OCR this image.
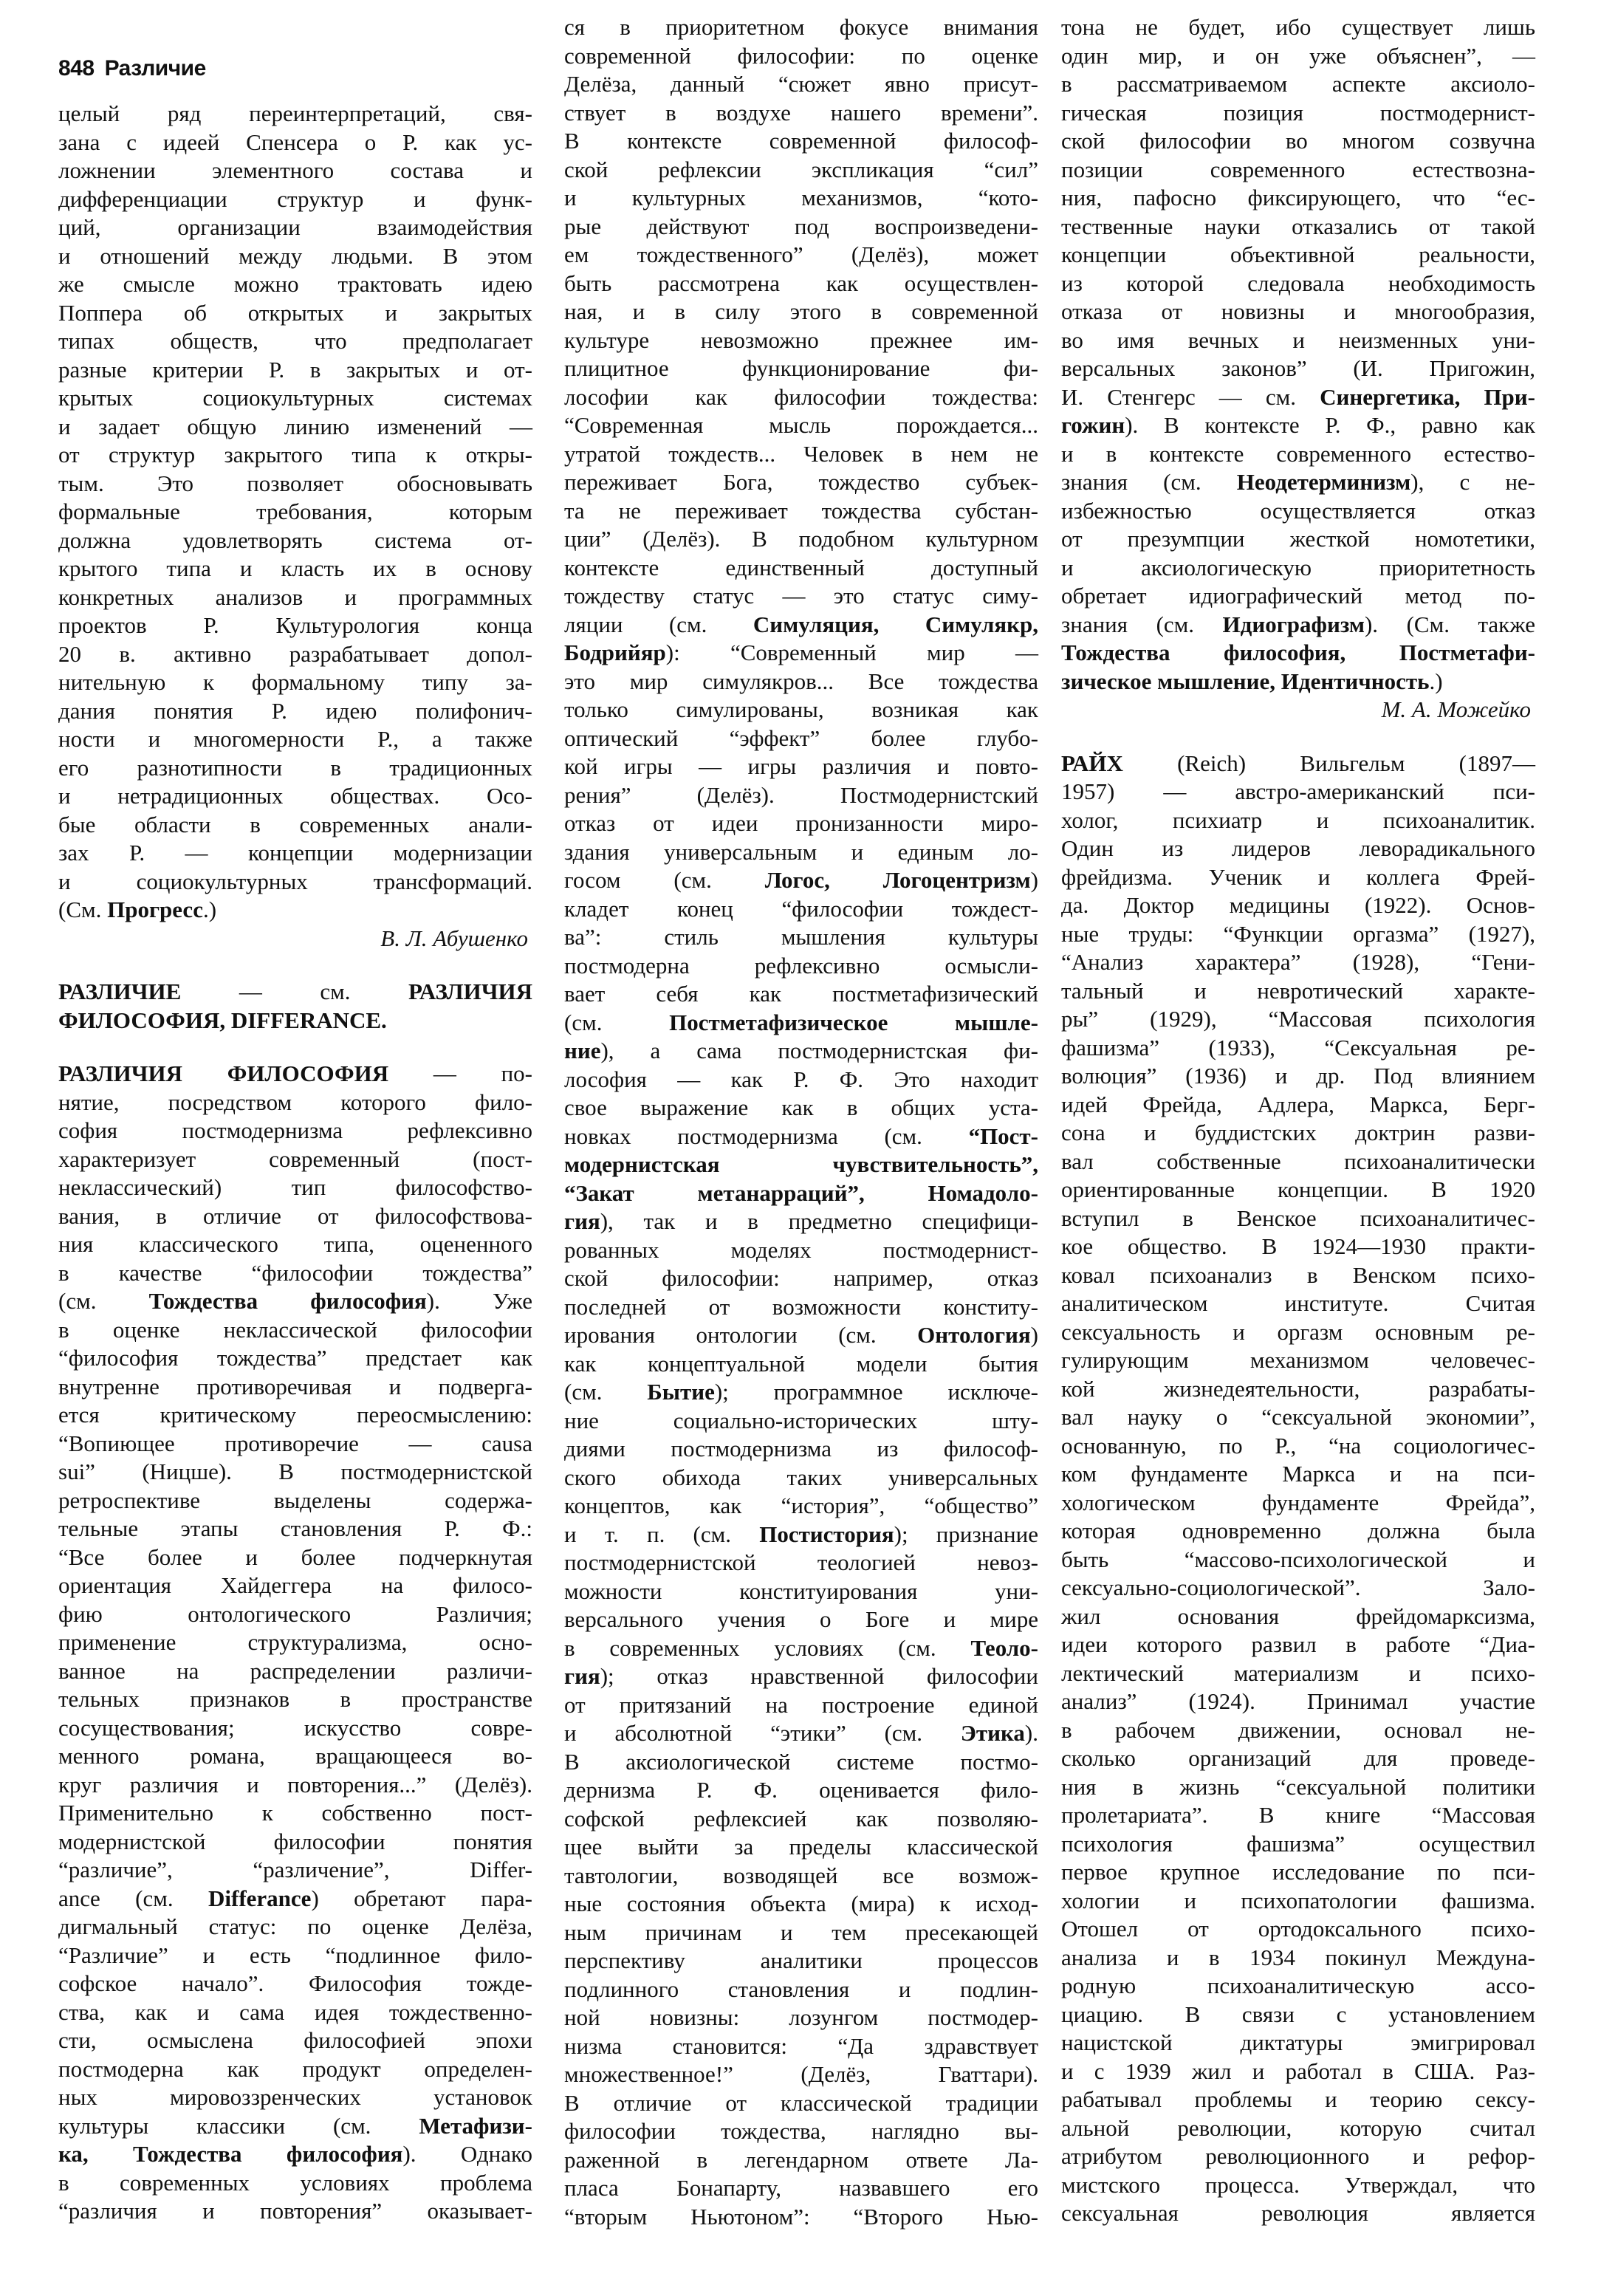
848 Различие
целый ряд переинтерпретаций, свя-
зана с идеей Спенсера о Р. как ус-
ложнении элементного состава и
дифференциации структур и функ-
ций, организации взаимодействия
и отношений между людьми. В этом
же смысле можно трактовать идею
Поппера об открытых и закрытых
типах обществ, что предполагает
разные критерии Р. в закрытых и от-
крытых социокультурных системах
и задает общую линию изменений —
от структур закрытого типа к откры-
тым. Это позволяет обосновывать
формальные требования, которым
должна удовлетворять система от-
крытого типа и класть их в основу
конкретных анализов и программных
проектов Р. Культурология конца
20 в. активно разрабатывает допол-
нительную к формальному типу за-
дания понятия Р. идею полифонич-
ности и многомерности Р., а также
его разнотипности в традиционных
и нетрадиционных обществах. Осо-
бые области в современных анали-
зах Р. — концепции модернизации
и социокультурных трансформаций.
(См. Прогресс.)
В. Л. Абушенко
РАЗЛИЧИЕ — см. РАЗЛИЧИЯ
ФИЛОСОФИЯ, DIFFERANCE.
РАЗЛИЧИЯ ФИЛОСОФИЯ — по-
нятие, посредством которого фило-
софия постмодернизма рефлексивно
характеризует современный (пост-
неклассический) тип философство-
вания, в отличие от философствова-
ния классического типа, оцененного
в качестве “философии тождества”
(см. Тождества философия). Уже
в оценке неклассической философии
“философия тождества” предстает как
внутренне противоречивая и подверга-
ется критическому переосмыслению:
“Вопиющее противоречие — causa
sui” (Ницше). В постмодернистской
ретроспективе выделены содержа-
тельные этапы становления Р. Ф.:
“Все более и более подчеркнутая
ориентация Хайдеггера на филосо-
фию онтологического Различия;
применение структурализма, осно-
ванное на распределении различи-
тельных признаков в пространстве
сосуществования; искусство совре-
менного романа, вращающееся во-
круг различия и повторения...” (Делёз).
Применительно к собственно пост-
модернистской философии понятия
“различие”, “различение”, Differ-
ance (см. Differance) обретают пара-
дигмальный статус: по оценке Делёза,
“Различие” и есть “подлинное фило-
софское начало”. Философия тожде-
ства, как и сама идея тождественно-
сти, осмыслена философией эпохи
постмодерна как продукт определен-
ных мировоззренческих установок
культуры классики (см. Метафизи-
ка, Тождества философия). Однако
в современных условиях проблема
“различия и повторения” оказывает-
ся в приоритетном фокусе внимания
современной философии: по оценке
Делёза, данный “сюжет явно присут-
ствует в воздухе нашего времени”.
В контексте современной философ-
ской рефлексии экспликация “сил”
и культурных механизмов, “кото-
рые действуют под воспроизведени-
ем тождественного” (Делёз), может
быть рассмотрена как осуществлен-
ная, и в силу этого в современной
культуре невозможно прежнее им-
плицитное функционирование фи-
лософии как философии тождества:
“Современная мысль порождается...
утратой тождеств... Человек в нем не
переживает Бога, тождество субъек-
та не переживает тождества субстан-
ции” (Делёз). В подобном культурном
контексте единственный доступный
тождеству статус — это статус симу-
ляции (см. Симуляция, Симулякр,
Бодрийяр): “Современный мир —
это мир симулякров... Все тождества
только симулированы, возникая как
оптический “эффект” более глубо-
кой игры — игры различия и повто-
рения” (Делёз). Постмодернистский
отказ от идеи пронизанности миро-
здания универсальным и единым ло-
госом (см. Логос, Логоцентризм)
кладет конец “философии тождест-
ва”: стиль мышления культуры
постмодерна рефлексивно осмысли-
вает себя как постметафизический
(см. Постметафизическое мышле-
ние), а сама постмодернистская фи-
лософия — как Р. Ф. Это находит
свое выражение как в общих уста-
новках постмодернизма (см. “Пост-
модернистская чувствительность”,
“Закат метанарраций”, Номадоло-
гия), так и в предметно специфици-
рованных моделях постмодернист-
ской философии: например, отказ
последней от возможности конститу-
ирования онтологии (см. Онтология)
как концептуальной модели бытия
(см. Бытие); программное исключе-
ние социально-исторических шту-
диями постмодернизма из философ-
ского обихода таких универсальных
концептов, как “история”, “общество”
и т. п. (см. Постистория); признание
постмодернистской теологией невоз-
можности конституирования уни-
версального учения о Боге и мире
в современных условиях (см. Теоло-
гия); отказ нравственной философии
от притязаний на построение единой
и абсолютной “этики” (см. Этика).
В аксиологической системе постмо-
дернизма Р. Ф. оценивается фило-
софской рефлексией как позволяю-
щее выйти за пределы классической
тавтологии, возводящей все возмож-
ные состояния объекта (мира) к исход-
ным причинам и тем пресекающей
перспективу аналитики процессов
подлинного становления и подлин-
ной новизны: лозунгом постмодер-
низма становится: “Да здравствует
множественное!” (Делёз, Гваттари).
В отличие от классической традиции
философии тождества, наглядно вы-
раженной в легендарном ответе Ла-
пласа Бонапарту, назвавшего его
“вторым Ньютоном”: “Второго Нью-
тона не будет, ибо существует лишь
один мир, и он уже объяснен”, —
в рассматриваемом аспекте аксиоло-
гическая позиция постмодернист-
ской философии во многом созвучна
позиции современного естествозна-
ния, пафосно фиксирующего, что “ес-
тественные науки отказались от такой
концепции объективной реальности,
из которой следовала необходимость
отказа от новизны и многообразия,
во имя вечных и неизменных уни-
версальных законов” (И. Пригожин,
И. Стенгерс — см. Синергетика, При-
гожин). В контексте Р. Ф., равно как
и в контексте современного естество-
знания (см. Неодетерминизм), с не-
избежностью осуществляется отказ
от презумпции жесткой номотетики,
и аксиологическую приоритетность
обретает идиографический метод по-
знания (см. Идиографизм). (См. также
Тождества философия, Постметафи-
зическое мышление, Идентичность.)
М. А. Можейко
РАЙХ (Reich) Вильгельм (1897—
1957) — австро-американский пси-
холог, психиатр и психоаналитик.
Один из лидеров леворадикального
фрейдизма. Ученик и коллега Фрей-
да. Доктор медицины (1922). Основ-
ные труды: “Функции оргазма” (1927),
“Анализ характера” (1928), “Гени-
тальный и невротический характе-
ры” (1929), “Массовая психология
фашизма” (1933), “Сексуальная ре-
волюция” (1936) и др. Под влиянием
идей Фрейда, Адлера, Маркса, Берг-
сона и буддистских доктрин разви-
вал собственные психоаналитически
ориентированные концепции. В 1920
вступил в Венское психоаналитичес-
кое общество. В 1924—1930 практи-
ковал психоанализ в Венском психо-
аналитическом институте. Считая
сексуальность и оргазм основным ре-
гулирующим механизмом человечес-
кой жизнедеятельности, разрабаты-
вал науку о “сексуальной экономии”,
основанную, по Р., “на социологичес-
ком фундаменте Маркса и на пси-
хологическом фундаменте Фрейда”,
которая одновременно должна была
быть “массово-психологической и
сексуально-социологической”. Зало-
жил основания фрейдомарксизма,
идеи которого развил в работе “Диа-
лектический материализм и психо-
анализ” (1924). Принимал участие
в рабочем движении, основал не-
сколько организаций для проведе-
ния в жизнь “сексуальной политики
пролетариата”. В книге “Массовая
психология фашизма” осуществил
первое крупное исследование по пси-
хологии и психопатологии фашизма.
Отошел от ортодоксального психо-
анализа и в 1934 покинул Междуна-
родную психоаналитическую ассо-
циацию. В связи с установлением
нацистской диктатуры эмигрировал
и с 1939 жил и работал в США. Раз-
рабатывал проблемы и теорию сексу-
альной революции, которую считал
атрибутом революционного и рефор-
мистского процесса. Утверждал, что
сексуальная революция является
